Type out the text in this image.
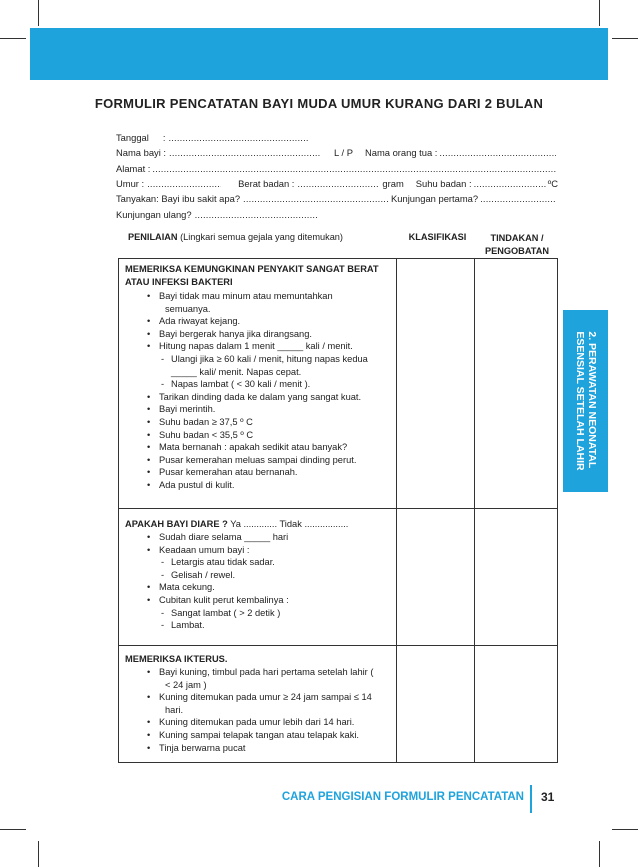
2. PERAWATAN NEONATAL
ESENSIAL SETELAH LAHIR
FORMULIR PENCATATAN BAYI MUDA UMUR KURANG DARI 2 BULAN
Tanggal :
.....
Nama bayi : .....	L / P Nama orang tua :
.....
Alamat :
.....
Umur : .....	Berat badan : .....	gram Suhu badan : .....	ºC
Tanyakan: Bayi ibu sakit apa? .....	Kunjungan pertama?
.....
Kunjungan ulang?
.....
PENILAIAN (Lingkari semua gejala yang ditemukan)	KLASIFIKASI	TINDAKAN /
PENGOBATAN
MEMERIKSA KEMUNGKINAN PENYAKIT SANGAT BERAT
ATAU INFEKSI BAKTERI
• Bayi tidak mau minum atau memuntahkan
semuanya.
• Ada riwayat kejang.
• Bayi bergerak hanya jika dirangsang.
• Hitung napas dalam 1 menit _____ kali / menit.
- Ulangi jika ≥ 60 kali / menit, hitung napas kedua
_____ kali/ menit. Napas cepat.
- Napas lambat ( < 30 kali / menit ).
• Tarikan dinding dada ke dalam yang sangat kuat.
• Bayi merintih.
• Suhu badan ≥ 37,5 º C
• Suhu badan < 35,5 º C
• Mata bernanah : apakah sedikit atau banyak?
• Pusar kemerahan meluas sampai dinding perut.
• Pusar kemerahan atau bernanah.
• Ada pustul di kulit.
APAKAH BAYI DIARE ? Ya ............. Tidak .................
• Sudah diare selama _____ hari
• Keadaan umum bayi :
- Letargis atau tidak sadar.
- Gelisah / rewel.
• Mata cekung.
• Cubitan kulit perut kembalinya :
- Sangat lambat ( > 2 detik )
- Lambat.
MEMERIKSA IKTERUS.
• Bayi kuning, timbul pada hari pertama setelah lahir (
< 24 jam )
• Kuning ditemukan pada umur ≥ 24 jam sampai ≤ 14
hari.
• Kuning ditemukan pada umur lebih dari 14 hari.
• Kuning sampai telapak tangan atau telapak kaki.
• Tinja berwarna pucat
CARA PENGISIAN FORMULIR PENCATATAN 31
